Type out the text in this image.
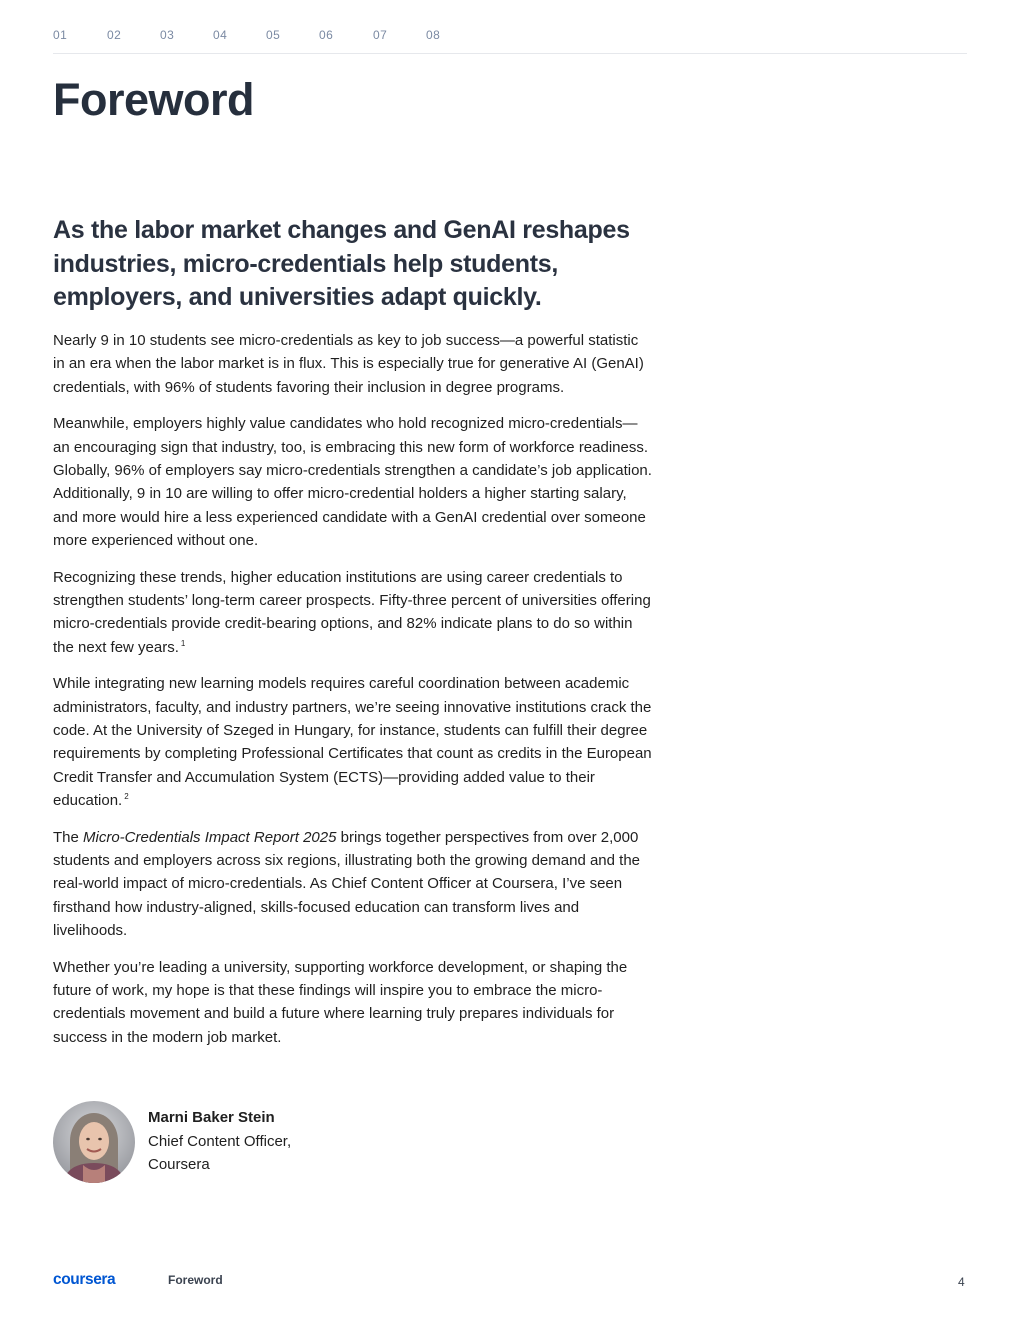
01	02	03	04	05	06	07	08
Foreword
As the labor market changes and GenAI reshapes industries, micro-credentials help students, employers, and universities adapt quickly.

Nearly 9 in 10 students see micro-credentials as key to job success—a powerful statistic in an era when the labor market is in flux. This is especially true for generative AI (GenAI) credentials, with 96% of students favoring their inclusion in degree programs.

Meanwhile, employers highly value candidates who hold recognized micro-credentials—an encouraging sign that industry, too, is embracing this new form of workforce readiness. Globally, 96% of employers say micro-credentials strengthen a candidate’s job application. Additionally, 9 in 10 are willing to offer micro-credential holders a higher starting salary, and more would hire a less experienced candidate with a GenAI credential over someone more experienced without one.

Recognizing these trends, higher education institutions are using career credentials to strengthen students’ long-term career prospects. Fifty-three percent of universities offering micro-credentials provide credit-bearing options, and 82% indicate plans to do so within the next few years. $^1$

While integrating new learning models requires careful coordination between academic administrators, faculty, and industry partners, we’re seeing innovative institutions crack the code. At the University of Szeged in Hungary, for instance, students can fulfill their degree requirements by completing Professional Certificates that count as credits in the European Credit Transfer and Accumulation System (ECTS)—providing added value to their education. $^2$

The Micro-Credentials Impact Report 2025 brings together perspectives from over 2,000 students and employers across six regions, illustrating both the growing demand and the real-world impact of micro-credentials. As Chief Content Officer at Coursera, I’ve seen firsthand how industry-aligned, skills-focused education can transform lives and livelihoods.

Whether you’re leading a university, supporting workforce development, or shaping the future of work, my hope is that these findings will inspire you to embrace the micro-credentials movement and build a future where learning truly prepares individuals for success in the modern job market.

Marni Baker Stein
Chief Content Officer,
Coursera
coursera	Foreword	4
